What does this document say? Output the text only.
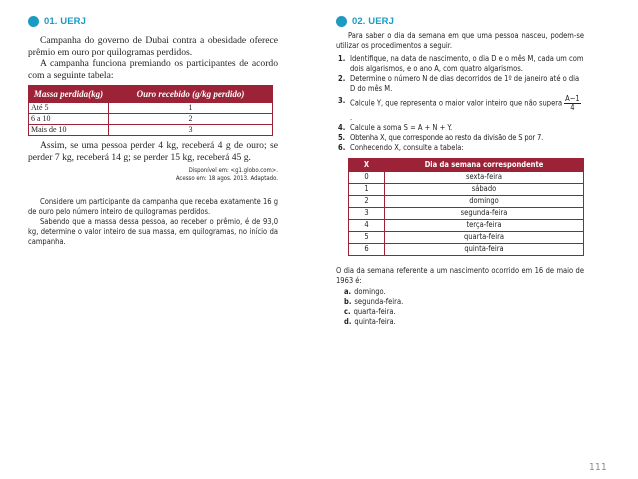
01. UERJ

Campanha do governo de Dubai contra a obesidade oferece prêmio em ouro por quilogramas perdidos.

A campanha funciona premiando os participantes de acordo com a seguinte tabela:

Massa perdida(kg)	Ouro recebido (g/kg perdido)
Até 5	1
6 a 10	2
Mais de 10	3

Assim, se uma pessoa perder 4 kg, receberá 4 g de ouro; se perder 7 kg, receberá 14 g; se perder 15 kg, receberá 45 g.

Disponível em: <g1.globo.com>.
Acesso em: 18 agos. 2013. Adaptado.

Considere um participante da campanha que receba exatamente 16 g de ouro pelo número inteiro de quilogramas perdidos.

Sabendo que a massa dessa pessoa, ao receber o prêmio, é de 93,0 kg, determine o valor inteiro de sua massa, em quilogramas, no início da campanha.

02. UERJ

Para saber o dia da semana em que uma pessoa nasceu, podem-se utilizar os procedimentos a seguir.

1. Identifique, na data de nascimento, o dia D e o mês M, cada um com dois algarismos, e o ano A, com quatro algarismos.
2. Determine o número N de dias decorridos de 1º de janeiro até o dia D do mês M.
3. Calcule Y, que representa o maior valor inteiro que não supera $\frac{A-1}{4}$
.
4. Calcule a soma S = A + N + Y.
5. Obtenha X, que corresponde ao resto da divisão de S por 7.
6. Conhecendo X, consulte a tabela:
X	Dia da semana correspondente
0	sexta-feira
1	sábado
2	domingo
3	segunda-feira
4	terça-feira
5	quarta-feira
6	quinta-feira

O dia da semana referente a um nascimento ocorrido em 16 de maio de 1963 é:

a. domingo.
b. segunda-feira.
c. quarta-feira.
d. quinta-feira.
111
